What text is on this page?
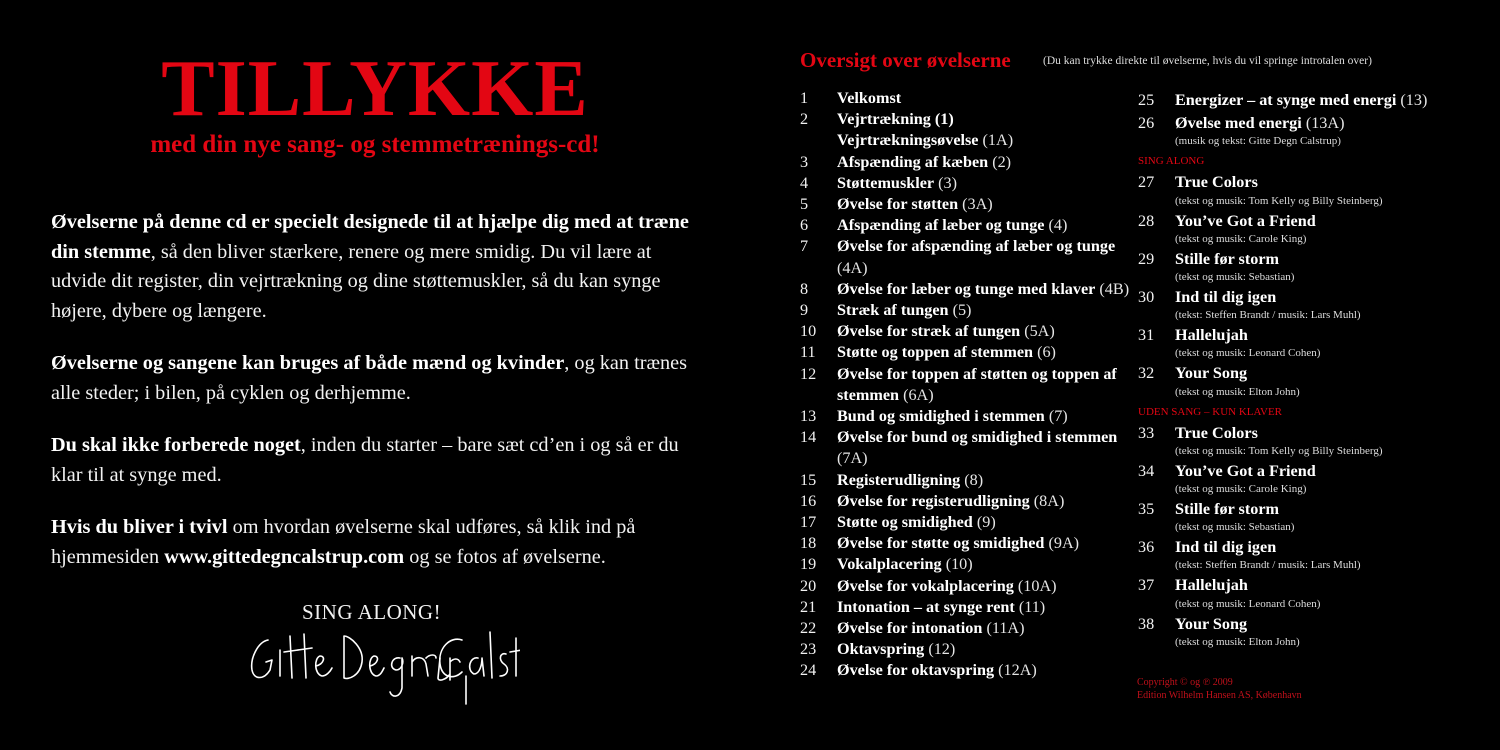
TILLYKKE
med din nye sang- og stemmetrænings-cd!

Øvelserne på denne cd er specielt designede til at hjælpe dig med at træne din stemme, så den bliver stærkere, renere og mere smidig. Du vil lære at udvide dit register, din vejrtrækning og dine støttemuskler, så du kan synge højere, dybere og længere.

Øvelserne og sangene kan bruges af både mænd og kvinder, og kan trænes alle steder; i bilen, på cyklen og derhjemme.

Du skal ikke forberede noget, inden du starter – bare sæt cd’en i og så er du klar til at synge med.

Hvis du bliver i tvivl om hvordan øvelserne skal udføres, så klik ind på hjemmesiden www.gittedegncalstrup.com og se fotos af øvelserne.

SING ALONG!
Oversigt over øvelserne	(Du kan trykke direkte til øvelserne, hvis du vil springe introtalen over)
1	Velkomst
2	Vejrtrækning (1)
Vejrtrækningsøvelse (1A)
3	Afspænding af kæben (2)
4	Støttemuskler (3)
5	Øvelse for støtten (3A)
6	Afspænding af læber og tunge (4)
7	Øvelse for afspænding af læber og tunge (4A)
8	Øvelse for læber og tunge med klaver (4B)
9	Stræk af tungen (5)
10	Øvelse for stræk af tungen (5A)
11	Støtte og toppen af stemmen (6)
12	Øvelse for toppen af støtten og toppen af stemmen (6A)
13	Bund og smidighed i stemmen (7)
14	Øvelse for bund og smidighed i stemmen (7A)
15	Registerudligning (8)
16	Øvelse for registerudligning (8A)
17	Støtte og smidighed (9)
18	Øvelse for støtte og smidighed (9A)
19	Vokalplacering (10)
20	Øvelse for vokalplacering (10A)
21	Intonation – at synge rent (11)
22	Øvelse for intonation (11A)
23	Oktavspring (12)
24	Øvelse for oktavspring (12A)
25	Energizer – at synge med energi (13)
26	Øvelse med energi (13A)
(musik og tekst: Gitte Degn Calstrup)
SING ALONG
27	True Colors
(tekst og musik: Tom Kelly og Billy Steinberg)
28	You’ve Got a Friend
(tekst og musik: Carole King)
29	Stille før storm
(tekst og musik: Sebastian)
30	Ind til dig igen
(tekst: Steffen Brandt / musik: Lars Muhl)
31	Hallelujah
(tekst og musik: Leonard Cohen)
32	Your Song
(tekst og musik: Elton John)
UDEN SANG – KUN KLAVER
33	True Colors
(tekst og musik: Tom Kelly og Billy Steinberg)
34	You’ve Got a Friend
(tekst og musik: Carole King)
35	Stille før storm
(tekst og musik: Sebastian)
36	Ind til dig igen
(tekst: Steffen Brandt / musik: Lars Muhl)
37	Hallelujah
(tekst og musik: Leonard Cohen)
38	Your Song
(tekst og musik: Elton John)
Copyright © og ℗ 2009
Edition Wilhelm Hansen AS, København
